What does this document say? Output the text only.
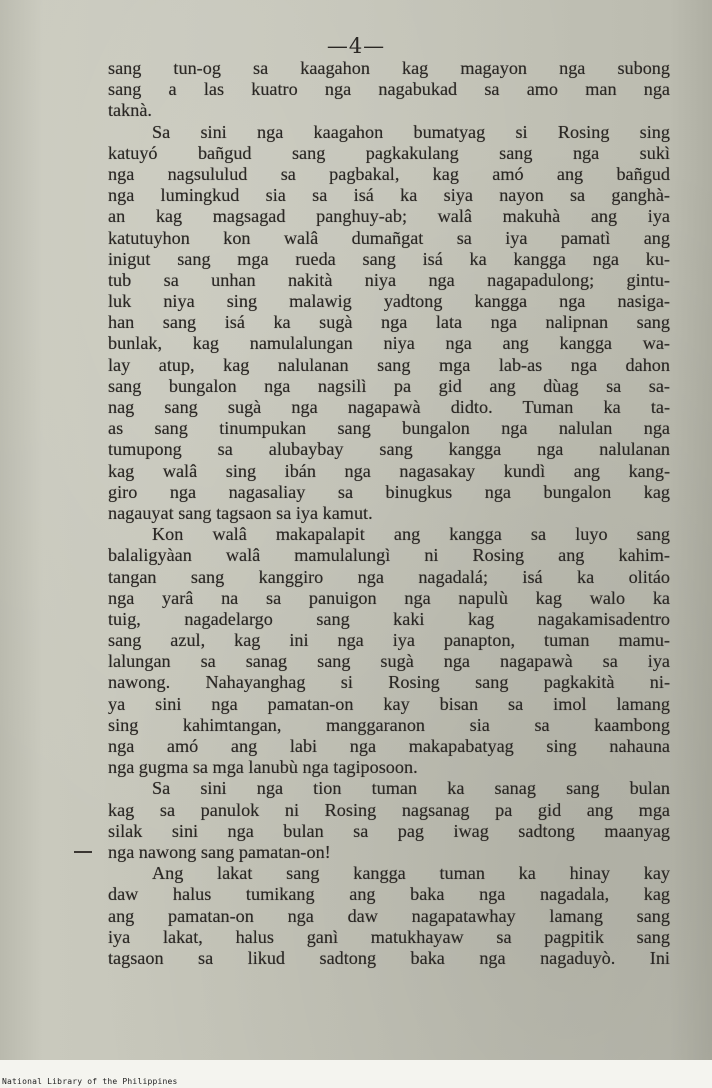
—4—
sang tun-og sa kaagahon kag magayon nga subong
sang a las kuatro nga nagabukad sa amo man nga
taknà.
Sa sini nga kaagahon bumatyag si Rosing sing
katuyó bañgud sang pagkakulang sang nga sukì
nga nagsululud sa pagbakal, kag amó ang bañgud
nga lumingkud sia sa isá ka siya nayon sa ganghà-
an kag magsagad panghuy-ab; walâ makuhà ang iya
katutuyhon kon walâ dumañgat sa iya pamatì ang
inigut sang mga rueda sang isá ka kangga nga ku-
tub sa unhan nakità niya nga nagapadulong; gintu-
luk niya sing malawig yadtong kangga nga nasiga-
han sang isá ka sugà nga lata nga nalipnan sang
bunlak, kag namulalungan niya nga ang kangga wa-
lay atup, kag nalulanan sang mga lab-as nga dahon
sang bungalon nga nagsilì pa gid ang dùag sa sa-
nag sang sugà nga nagapawà didto. Tuman ka ta-
as sang tinumpukan sang bungalon nga nalulan nga
tumupong sa alubaybay sang kangga nga nalulanan
kag walâ sing ibán nga nagasakay kundì ang kang-
giro nga nagasaliay sa binugkus nga bungalon kag
nagauyat sang tagsaon sa iya kamut.
Kon walâ makapalapit ang kangga sa luyo sang
balaligyàan walâ mamulalungì ni Rosing ang kahim-
tangan sang kanggiro nga nagadalá; isá ka olitáo
nga yarâ na sa panuigon nga napulù kag walo ka
tuig, nagadelargo sang kaki kag nagakamisadentro
sang azul, kag ini nga iya panapton, tuman mamu-
lalungan sa sanag sang sugà nga nagapawà sa iya
nawong. Nahayanghag si Rosing sang pagkakità ni-
ya sini nga pamatan-on kay bisan sa imol lamang
sing kahimtangan, manggaranon sia sa kaambong
nga amó ang labi nga makapabatyag sing nahauna
nga gugma sa mga lanubù nga tagiposoon.
Sa sini nga tion tuman ka sanag sang bulan
kag sa panulok ni Rosing nagsanag pa gid ang mga
silak sini nga bulan sa pag iwag sadtong maanyag
nga nawong sang pamatan-on!
Ang lakat sang kangga tuman ka hinay kay
daw halus tumikang ang baka nga nagadala, kag
ang pamatan-on nga daw nagapatawhay lamang sang
iya lakat, halus ganì matukhayaw sa pagpitik sang
tagsaon sa likud sadtong baka nga nagaduyò. Ini
National Library of the Philippines
